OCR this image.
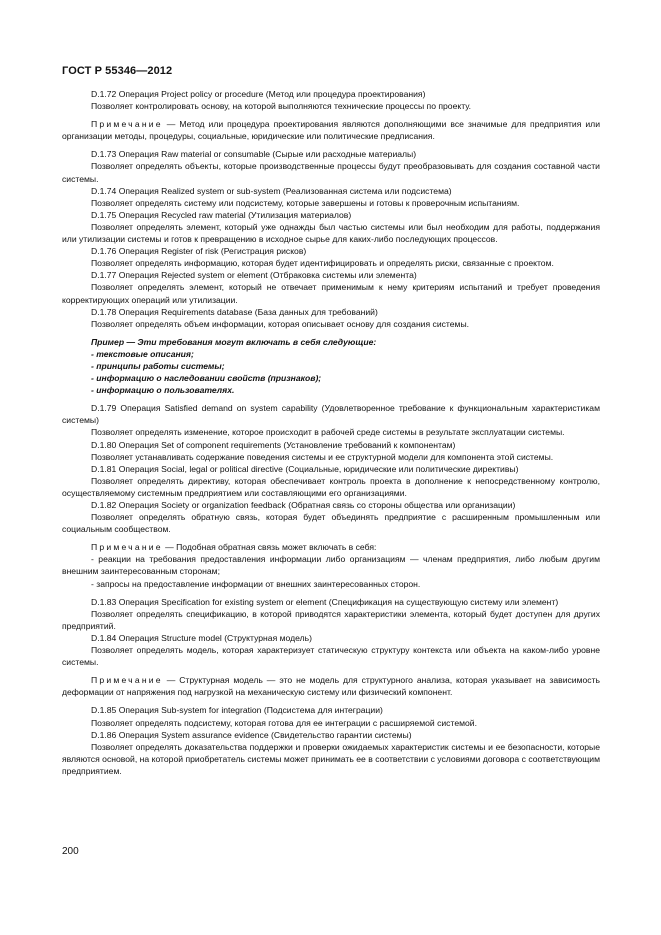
ГОСТ Р 55346—2012

D.1.72 Операция Project policy or procedure (Метод или процедура проектирования)

Позволяет контролировать основу, на которой выполняются технические процессы по проекту.

Примечание — Метод или процедура проектирования являются дополняющими все значимые для предприятия или организации методы, процедуры, социальные, юридические или политические предписания.

D.1.73 Операция Raw material or consumable (Сырые или расходные материалы)

Позволяет определять объекты, которые производственные процессы будут преобразовывать для создания составной части системы.

D.1.74 Операция Realized system or sub-system (Реализованная система или подсистема)

Позволяет определять систему или подсистему, которые завершены и готовы к проверочным испытаниям.

D.1.75 Операция Recycled raw material (Утилизация материалов)

Позволяет определять элемент, который уже однажды был частью системы или был необходим для работы, поддержания или утилизации системы и готов к превращению в исходное сырье для каких-либо последующих процессов.

D.1.76 Операция Register of risk (Регистрация рисков)

Позволяет определять информацию, которая будет идентифицировать и определять риски, связанные с проектом.

D.1.77 Операция Rejected system or element (Отбраковка системы или элемента)

Позволяет определять элемент, который не отвечает применимым к нему критериям испытаний и требует проведения корректирующих операций или утилизации.

D.1.78 Операция Requirements database (База данных для требований)

Позволяет определять объем информации, которая описывает основу для создания системы.

Пример — Эти требования могут включать в себя следующие:

- текстовые описания;

- принципы работы системы;

- информацию о наследовании свойств (признаков);

- информацию о пользователях.

D.1.79 Операция Satisfied demand on system capability (Удовлетворенное требование к функциональным характеристикам системы)

Позволяет определять изменение, которое происходит в рабочей среде системы в результате эксплуатации системы.

D.1.80 Операция Set of component requirements (Установление требований к компонентам)

Позволяет устанавливать содержание поведения системы и ее структурной модели для компонента этой системы.

D.1.81 Операция Social, legal or political directive (Социальные, юридические или политические директивы)

Позволяет определять директиву, которая обеспечивает контроль проекта в дополнение к непосредственному контролю, осуществляемому системным предприятием или составляющими его организациями.

D.1.82 Операция Society or organization feedback (Обратная связь со стороны общества или организации)

Позволяет определять обратную связь, которая будет объединять предприятие с расширенным промышленным или социальным сообществом.

Примечание — Подобная обратная связь может включать в себя:

- реакции на требования предоставления информации либо организациям — членам предприятия, либо любым другим внешним заинтересованным сторонам;

- запросы на предоставление информации от внешних заинтересованных сторон.

D.1.83 Операция Specification for existing system or element (Спецификация на существующую систему или элемент)

Позволяет определять спецификацию, в которой приводятся характеристики элемента, который будет доступен для других предприятий.

D.1.84 Операция Structure model (Структурная модель)

Позволяет определять модель, которая характеризует статическую структуру контекста или объекта на каком-либо уровне системы.

Примечание — Структурная модель — это не модель для структурного анализа, которая указывает на зависимость деформации от напряжения под нагрузкой на механическую систему или физический компонент.

D.1.85 Операция Sub-system for integration (Подсистема для интеграции)

Позволяет определять подсистему, которая готова для ее интеграции с расширяемой системой.

D.1.86 Операция System assurance evidence (Свидетельство гарантии системы)

Позволяет определять доказательства поддержки и проверки ожидаемых характеристик системы и ее безопасности, которые являются основой, на которой приобретатель системы может принимать ее в соответствии с условиями договора с соответствующим предприятием.

200
